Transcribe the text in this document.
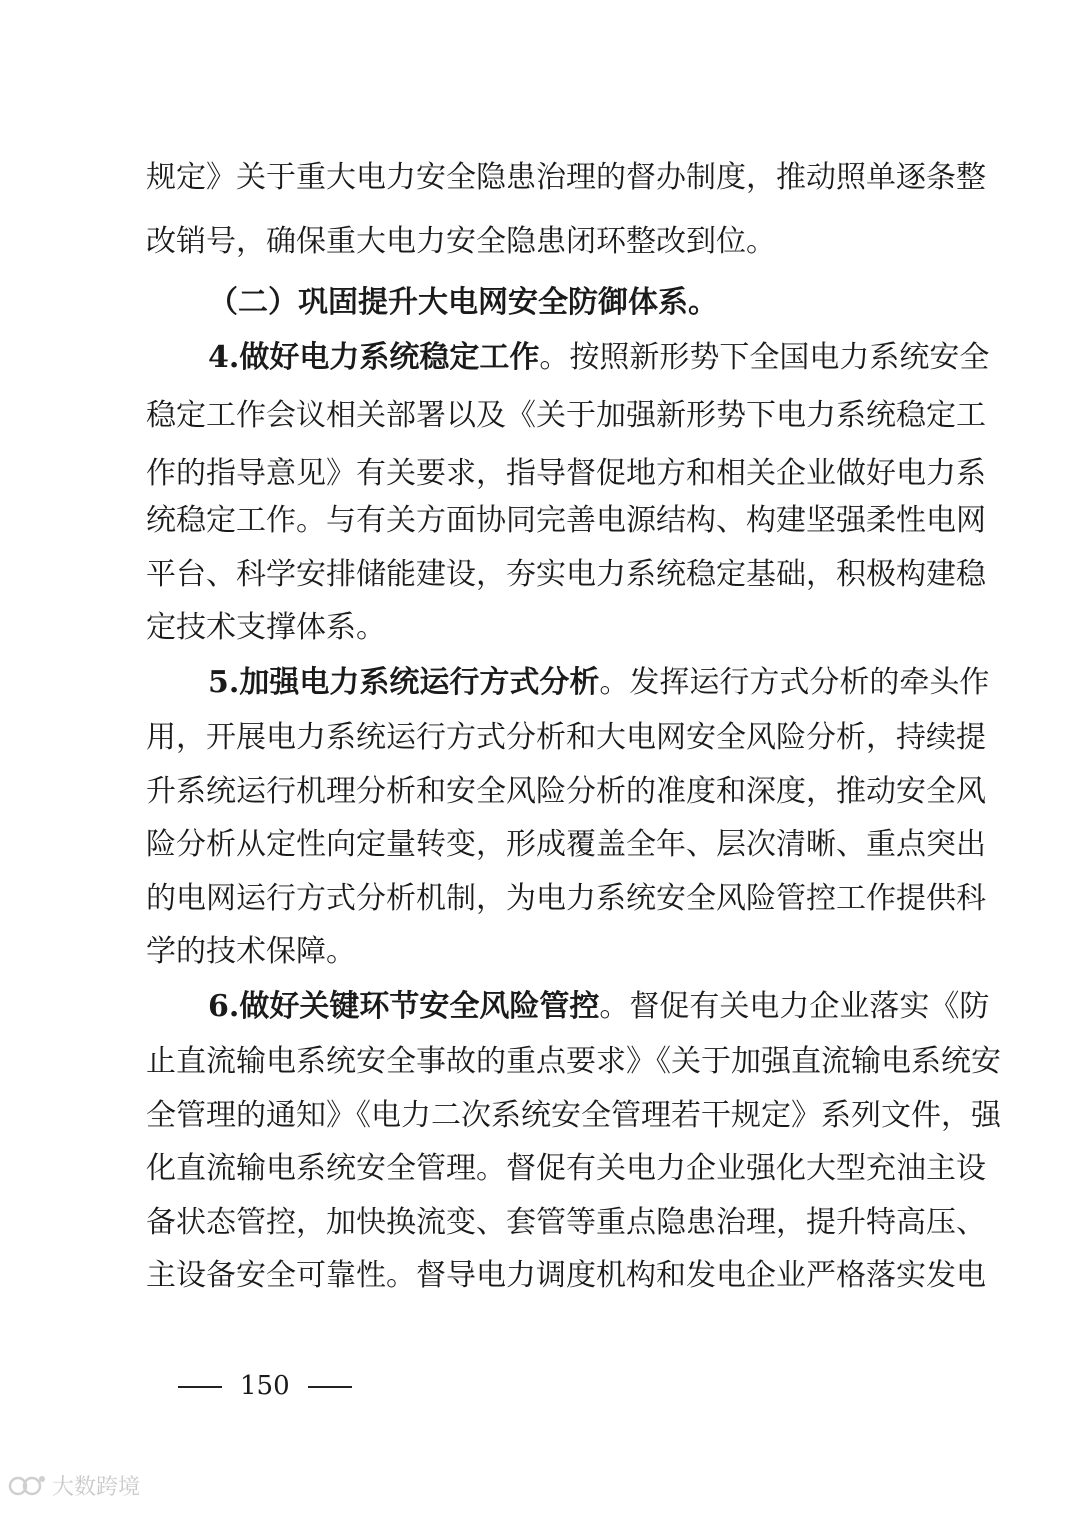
规定》关于重大电力安全隐患治理的督办制度，推动照单逐条整
改销号，确保重大电力安全隐患闭环整改到位。
（二）巩固提升大电网安全防御体系。
4.做好电力系统稳定工作。按照新形势下全国电力系统安全
稳定工作会议相关部署以及《关于加强新形势下电力系统稳定工
作的指导意见》有关要求，指导督促地方和相关企业做好电力系
统稳定工作。与有关方面协同完善电源结构、构建坚强柔性电网
平台、科学安排储能建设，夯实电力系统稳定基础，积极构建稳
定技术支撑体系。
5.加强电力系统运行方式分析。发挥运行方式分析的牵头作
用，开展电力系统运行方式分析和大电网安全风险分析，持续提
升系统运行机理分析和安全风险分析的准度和深度，推动安全风
险分析从定性向定量转变，形成覆盖全年、层次清晰、重点突出
的电网运行方式分析机制，为电力系统安全风险管控工作提供科
学的技术保障。
6.做好关键环节安全风险管控。督促有关电力企业落实《防
止直流输电系统安全事故的重点要求》《关于加强直流输电系统安
全管理的通知》《电力二次系统安全管理若干规定》系列文件，强
化直流输电系统安全管理。督促有关电力企业强化大型充油主设
备状态管控，加快换流变、套管等重点隐患治理，提升特高压、
主设备安全可靠性。督导电力调度机构和发电企业严格落实发电
150
大数跨境
